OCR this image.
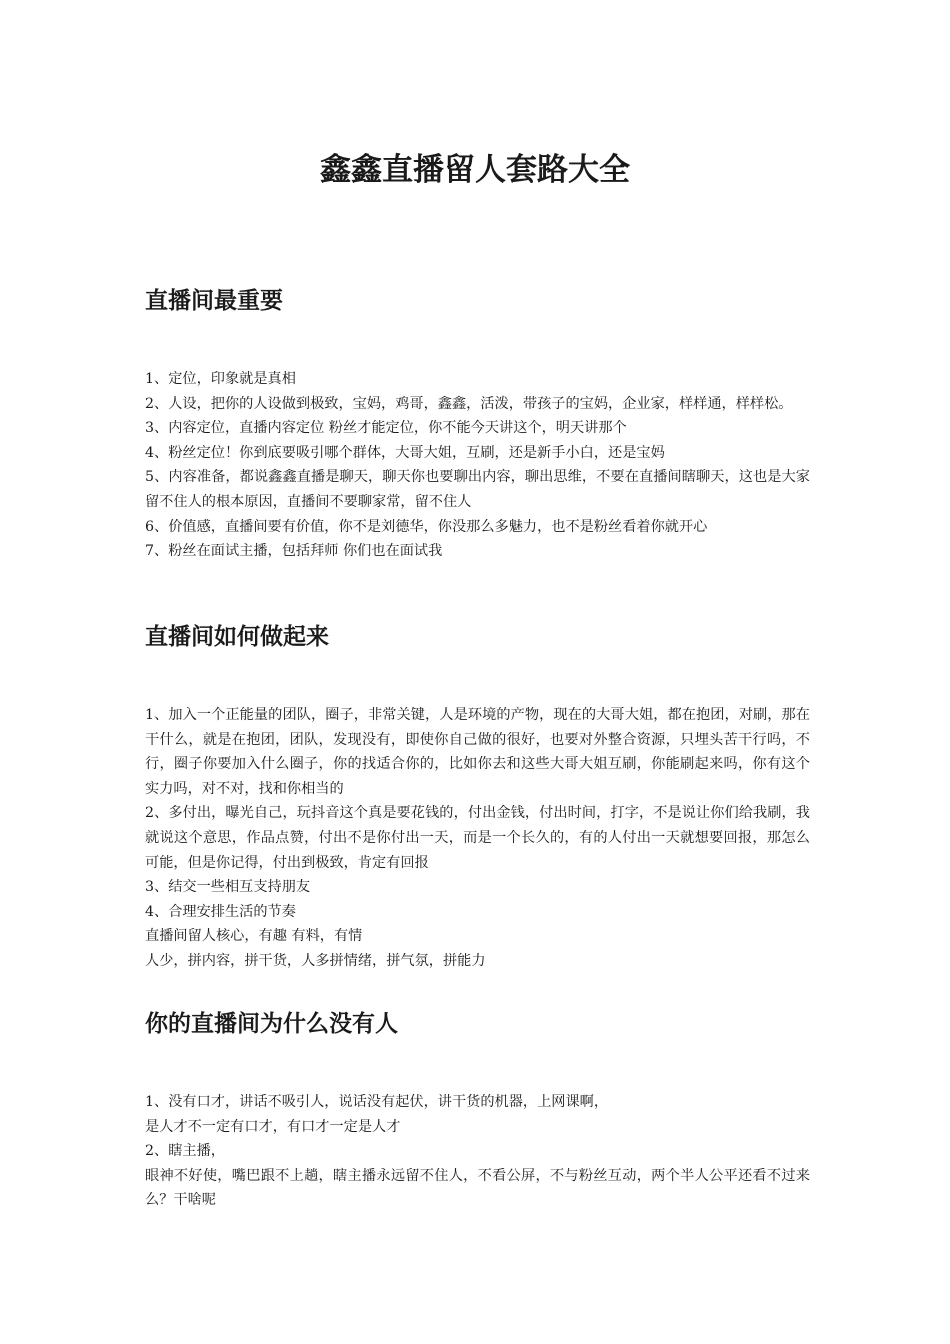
鑫鑫直播留人套路大全
直播间最重要
1、定位，印象就是真相
2、人设，把你的人设做到极致，宝妈，鸡哥，鑫鑫，活泼，带孩子的宝妈，企业家，样样通，样样松。
3、内容定位，直播内容定位 粉丝才能定位，你不能今天讲这个，明天讲那个
4、粉丝定位！你到底要吸引哪个群体，大哥大姐，互刷，还是新手小白，还是宝妈
5、内容准备，都说鑫鑫直播是聊天，聊天你也要聊出内容，聊出思维，不要在直播间瞎聊天，这也是大家留不住人的根本原因，直播间不要聊家常，留不住人
6、价值感，直播间要有价值，你不是刘德华，你没那么多魅力，也不是粉丝看着你就开心
7、粉丝在面试主播，包括拜师 你们也在面试我
直播间如何做起来
1、加入一个正能量的团队，圈子，非常关键，人是环境的产物，现在的大哥大姐，都在抱团，对刷，那在干什么，就是在抱团，团队，发现没有，即使你自己做的很好，也要对外整合资源，只埋头苦干行吗，不行，圈子你要加入什么圈子，你的找适合你的，比如你去和这些大哥大姐互刷，你能刷起来吗，你有这个实力吗，对不对，找和你相当的
2、多付出，曝光自己，玩抖音这个真是要花钱的，付出金钱，付出时间，打字，不是说让你们给我刷，我就说这个意思，作品点赞，付出不是你付出一天，而是一个长久的，有的人付出一天就想要回报，那怎么可能，但是你记得，付出到极致，肯定有回报
3、结交一些相互支持朋友
4、合理安排生活的节奏
直播间留人核心，有趣 有料，有情
人少，拼内容，拼干货，人多拼情绪，拼气氛，拼能力
你的直播间为什么没有人
1、没有口才，讲话不吸引人，说话没有起伏，讲干货的机器，上网课啊，
是人才不一定有口才，有口才一定是人才
2、瞎主播，
眼神不好使，嘴巴跟不上趟，瞎主播永远留不住人，不看公屏，不与粉丝互动，两个半人公平还看不过来么？干啥呢
